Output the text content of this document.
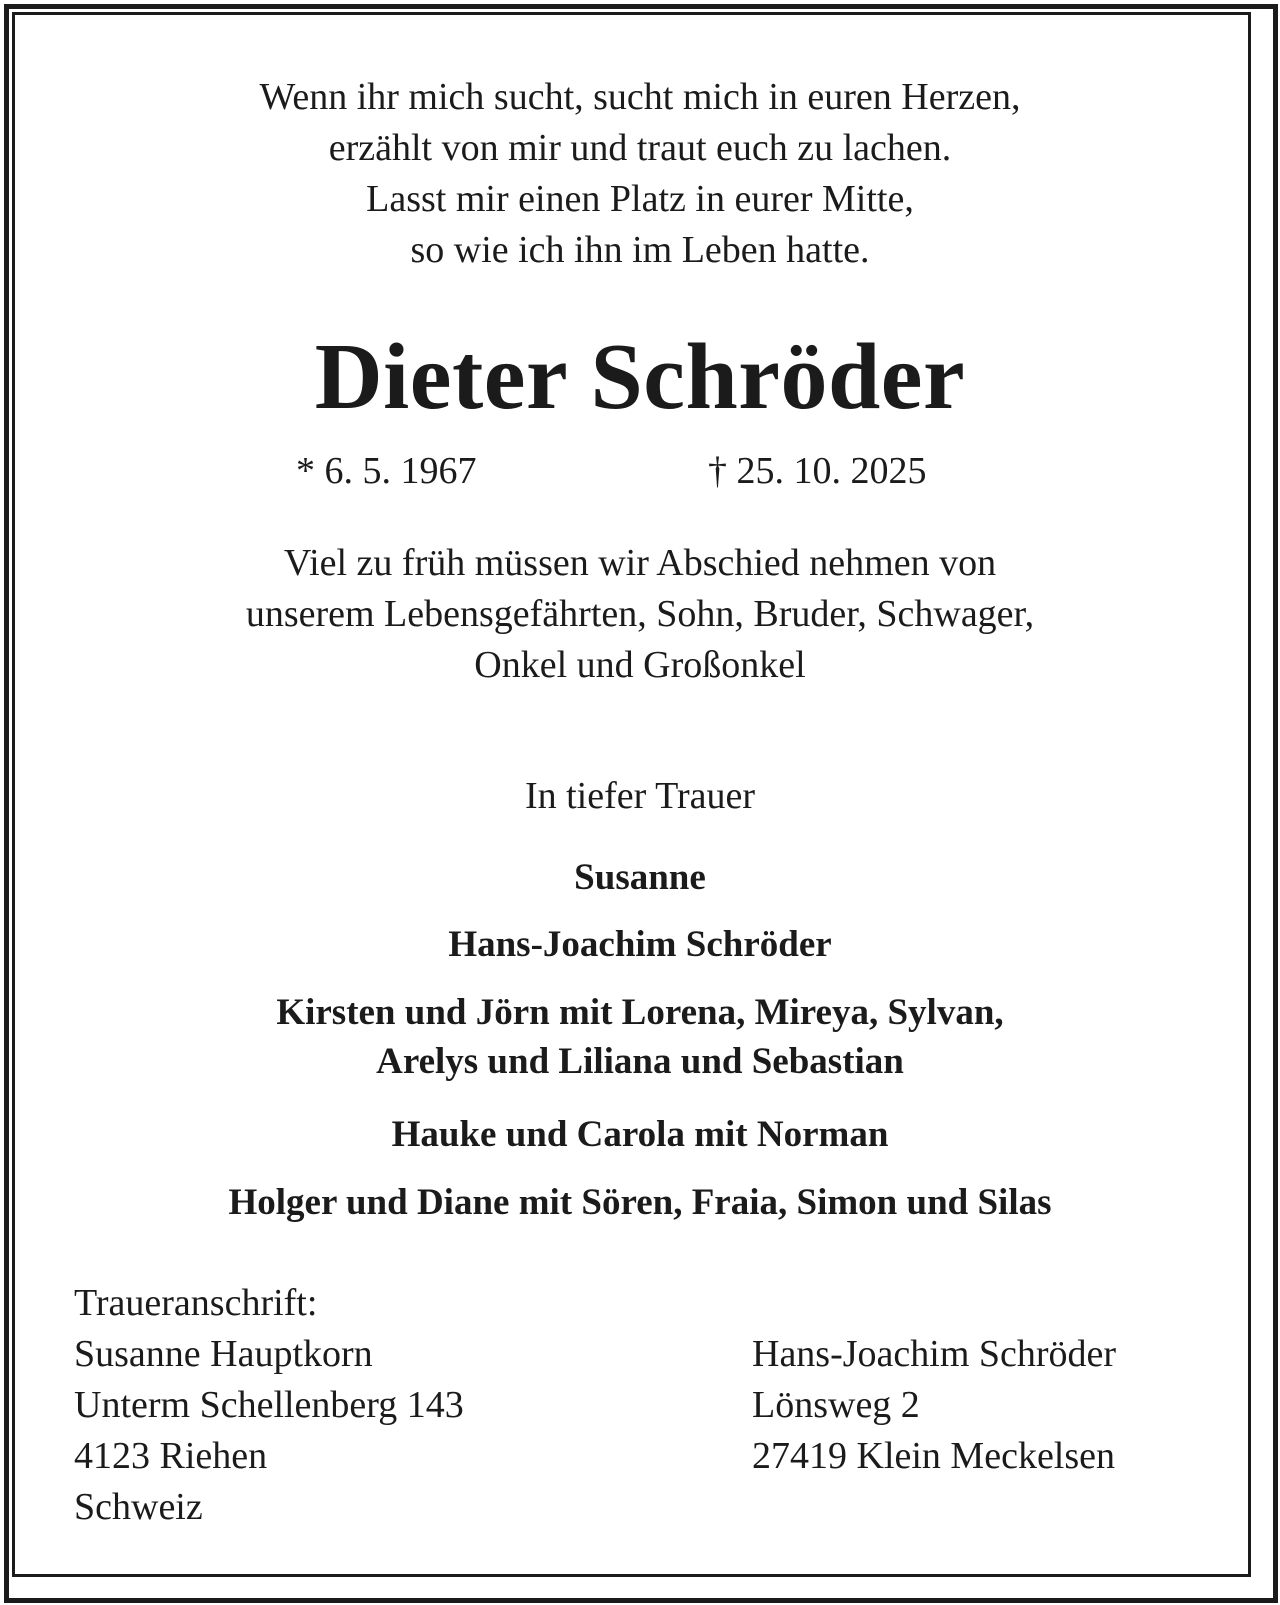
Wenn ihr mich sucht, sucht mich in euren Herzen,
erzählt von mir und traut euch zu lachen.
Lasst mir einen Platz in eurer Mitte,
so wie ich ihn im Leben hatte.
Dieter Schröder
* 6. 5. 1967	† 25. 10. 2025
Viel zu früh müssen wir Abschied nehmen von
unserem Lebensgefährten, Sohn, Bruder, Schwager,
Onkel und Großonkel
In tiefer Trauer
Susanne
Hans-Joachim Schröder
Kirsten und Jörn mit Lorena, Mireya, Sylvan,
Arelys und Liliana und Sebastian
Hauke und Carola mit Norman
Holger und Diane mit Sören, Fraia, Simon und Silas
Traueranschrift:
Susanne Hauptkorn
Unterm Schellenberg 143
4123 Riehen
Schweiz
Hans-Joachim Schröder
Lönsweg 2
27419 Klein Meckelsen
